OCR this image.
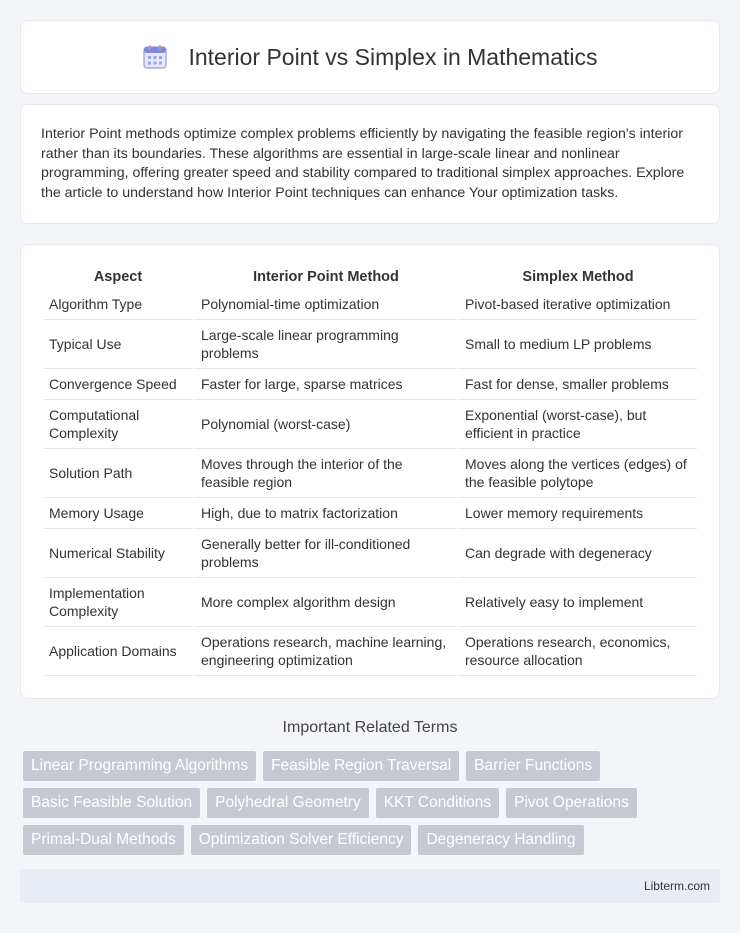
Interior Point vs Simplex in Mathematics

Interior Point methods optimize complex problems efficiently by navigating the feasible region's interior rather than its boundaries. These algorithms are essential in large-scale linear and nonlinear programming, offering greater speed and stability compared to traditional simplex approaches. Explore the article to understand how Interior Point techniques can enhance Your optimization tasks.

Aspect	Interior Point Method	Simplex Method
Algorithm Type	Polynomial-time optimization	Pivot-based iterative optimization
Typical Use	Large-scale linear programming problems	Small to medium LP problems
Convergence Speed	Faster for large, sparse matrices	Fast for dense, smaller problems
Computational Complexity	Polynomial (worst-case)	Exponential (worst-case), but efficient in practice
Solution Path	Moves through the interior of the feasible region	Moves along the vertices (edges) of the feasible polytope
Memory Usage	High, due to matrix factorization	Lower memory requirements
Numerical Stability	Generally better for ill-conditioned problems	Can degrade with degeneracy
Implementation Complexity	More complex algorithm design	Relatively easy to implement
Application Domains	Operations research, machine learning, engineering optimization	Operations research, economics, resource allocation
Important Related Terms
Linear Programming Algorithms	Feasible Region Traversal	Barrier Functions
Basic Feasible Solution	Polyhedral Geometry	KKT Conditions	Pivot Operations
Primal-Dual Methods	Optimization Solver Efficiency	Degeneracy Handling
Libterm.com
